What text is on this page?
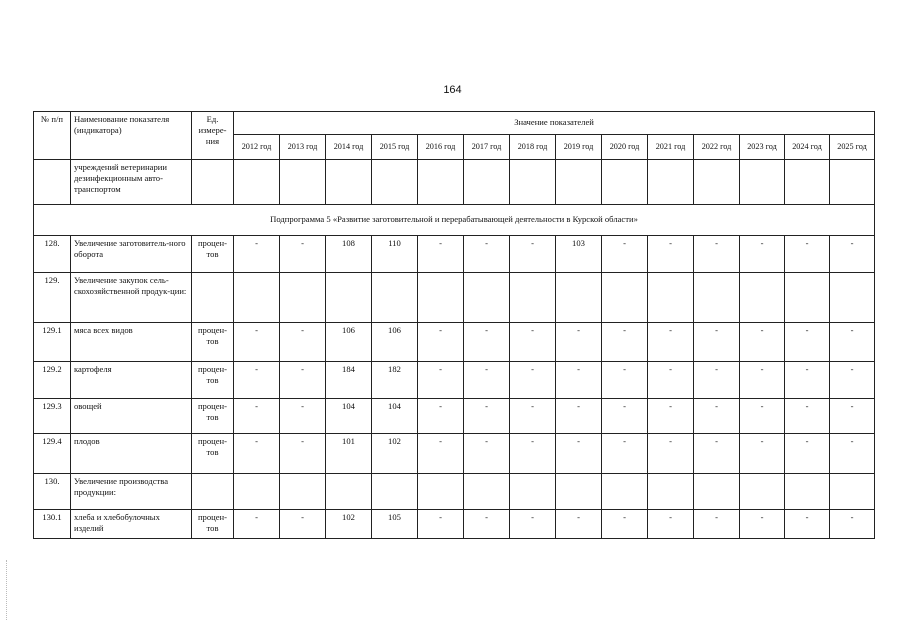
164
№ п/п	Наименование показателя (индикатора)	Ед. измере-ния	Значение показателей													
			2012 год	2013 год	2014 год	2015 год	2016 год	2017 год	2018 год	2019 год	2020 год	2021 год	2022 год	2023 год	2024 год	2025 год
	учреждений ветеринарии дезинфекционным авто-транспортом															
Подпрограмма 5 «Развитие заготовительной и перерабатывающей деятельности в Курской области»																
128.	Увеличение заготовитель-ного оборота	процен-тов	-	-	108	110	-	-	-	103	-	-	-	-	-	-
129.	Увеличение закупок сель-скохозяйственной продук-ции:															
129.1	мяса всех видов	процен-тов	-	-	106	106	-	-	-	-	-	-	-	-	-	-
129.2	картофеля	процен-тов	-	-	184	182	-	-	-	-	-	-	-	-	-	-
129.3	овощей	процен-тов	-	-	104	104	-	-	-	-	-	-	-	-	-	-
129.4	плодов	процен-тов	-	-	101	102	-	-	-	-	-	-	-	-	-	-
130.	Увеличение производства продукции:															
130.1	хлеба и хлебобулочных изделий	процен-тов	-	-	102	105	-	-	-	-	-	-	-	-	-	-
